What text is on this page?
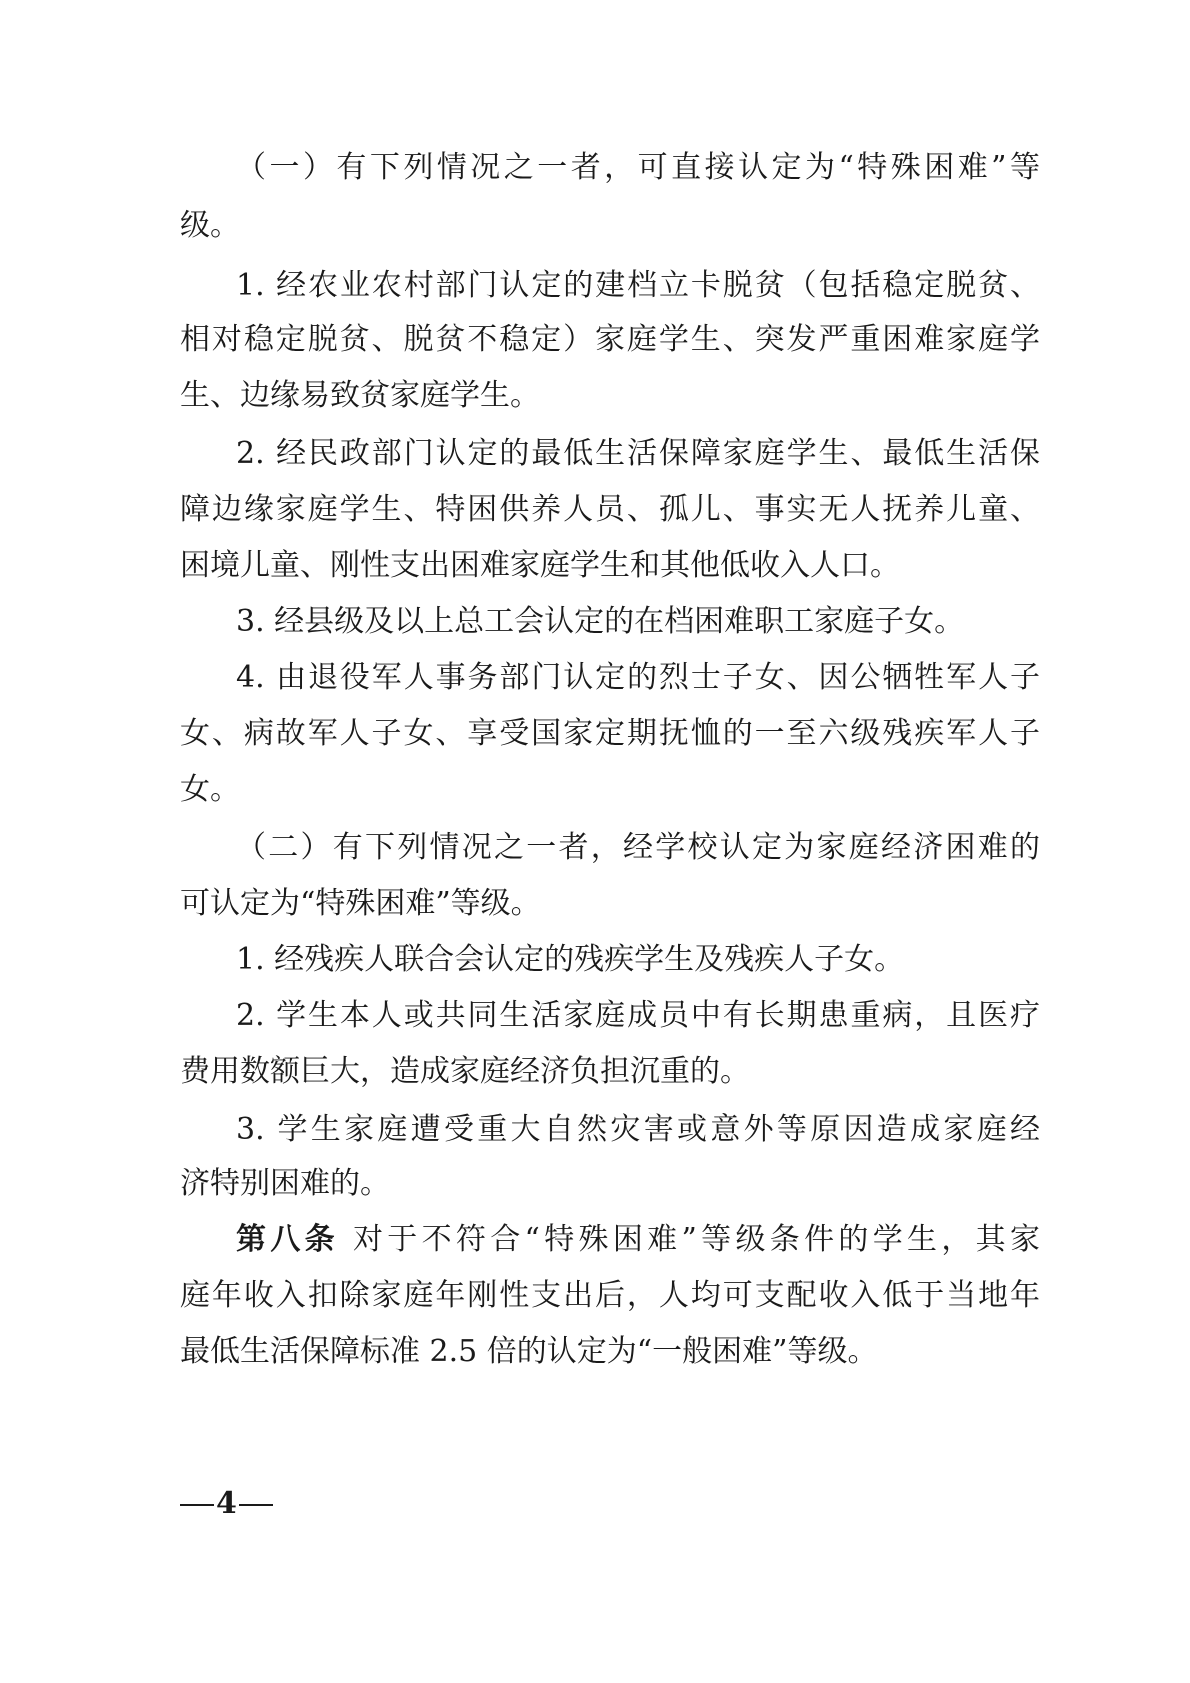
（一）有下列情况之一者，可直接认定为“特殊困难”等
级。
1. 经农业农村部门认定的建档立卡脱贫（包括稳定脱贫、
相对稳定脱贫、脱贫不稳定）家庭学生、突发严重困难家庭学
生、边缘易致贫家庭学生。
2. 经民政部门认定的最低生活保障家庭学生、最低生活保
障边缘家庭学生、特困供养人员、孤儿、事实无人抚养儿童、
困境儿童、刚性支出困难家庭学生和其他低收入人口。
3. 经县级及以上总工会认定的在档困难职工家庭子女。
4. 由退役军人事务部门认定的烈士子女、因公牺牲军人子
女、病故军人子女、享受国家定期抚恤的一至六级残疾军人子
女。
（二）有下列情况之一者，经学校认定为家庭经济困难的
可认定为“特殊困难”等级。
1. 经残疾人联合会认定的残疾学生及残疾人子女。
2. 学生本人或共同生活家庭成员中有长期患重病，且医疗
费用数额巨大，造成家庭经济负担沉重的。
3. 学生家庭遭受重大自然灾害或意外等原因造成家庭经
济特别困难的。
第八条 对于不符合“特殊困难”等级条件的学生，其家
庭年收入扣除家庭年刚性支出后，人均可支配收入低于当地年
最低生活保障标准 2.5 倍的认定为“一般困难”等级。
4
